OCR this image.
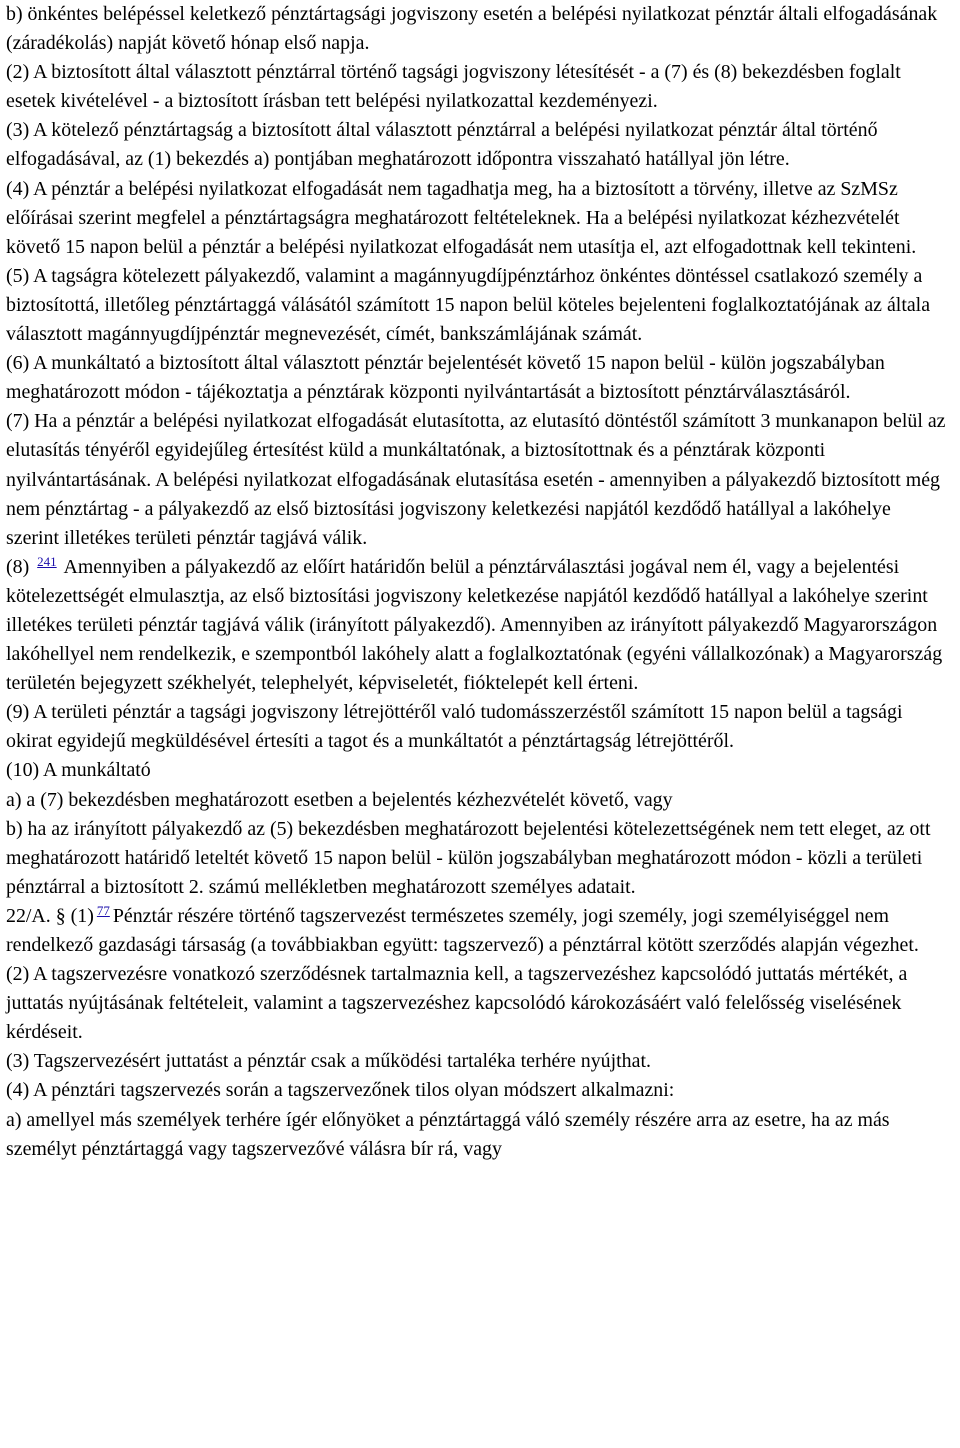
b) önkéntes belépéssel keletkező pénztártagsági jogviszony esetén a belépési nyilatkozat pénztár általi elfogadásának (záradékolás) napját követő hónap első napja.

(2) A biztosított által választott pénztárral történő tagsági jogviszony létesítését - a (7) és (8) bekezdésben foglalt esetek kivételével - a biztosított írásban tett belépési nyilatkozattal kezdeményezi.

(3) A kötelező pénztártagság a biztosított által választott pénztárral a belépési nyilatkozat pénztár által történő elfogadásával, az (1) bekezdés a) pontjában meghatározott időpontra visszaható hatállyal jön létre.

(4) A pénztár a belépési nyilatkozat elfogadását nem tagadhatja meg, ha a biztosított a törvény, illetve az SzMSz előírásai szerint megfelel a pénztártagságra meghatározott feltételeknek. Ha a belépési nyilatkozat kézhezvételét követő 15 napon belül a pénztár a belépési nyilatkozat elfogadását nem utasítja el, azt elfogadottnak kell tekinteni.

(5) A tagságra kötelezett pályakezdő, valamint a magánnyugdíjpénztárhoz önkéntes döntéssel csatlakozó személy a biztosítottá, illetőleg pénztártaggá válásától számított 15 napon belül köteles bejelenteni foglalkoztatójának az általa választott magánnyugdíjpénztár megnevezését, címét, bankszámlájának számát.

(6) A munkáltató a biztosított által választott pénztár bejelentését követő 15 napon belül - külön jogszabályban meghatározott módon - tájékoztatja a pénztárak központi nyilvántartását a biztosított pénztárválasztásáról.

(7) Ha a pénztár a belépési nyilatkozat elfogadását elutasította, az elutasító döntéstől számított 3 munkanapon belül az elutasítás tényéről egyidejűleg értesítést küld a munkáltatónak, a biztosítottnak és a pénztárak központi nyilvántartásának. A belépési nyilatkozat elfogadásának elutasítása esetén - amennyiben a pályakezdő biztosított még nem pénztártag - a pályakezdő az első biztosítási jogviszony keletkezési napjától kezdődő hatállyal a lakóhelye szerint illetékes területi pénztár tagjává válik.

(8) $^{241}$ Amennyiben a pályakezdő az előírt határidőn belül a pénztárválasztási jogával nem él, vagy a bejelentési kötelezettségét elmulasztja, az első biztosítási jogviszony keletkezése napjától kezdődő hatállyal a lakóhelye szerint illetékes területi pénztár tagjává válik (irányított pályakezdő). Amennyiben az irányított pályakezdő Magyarországon lakóhellyel nem rendelkezik, e szempontból lakóhely alatt a foglalkoztatónak (egyéni vállalkozónak) a Magyarország területén bejegyzett székhelyét, telephelyét, képviseletét, fióktelepét kell érteni.

(9) A területi pénztár a tagsági jogviszony létrejöttéről való tudomásszerzéstől számított 15 napon belül a tagsági okirat egyidejű megküldésével értesíti a tagot és a munkáltatót a pénztártagság létrejöttéről.

(10) A munkáltató

a) a (7) bekezdésben meghatározott esetben a bejelentés kézhezvételét követő, vagy

b) ha az irányított pályakezdő az (5) bekezdésben meghatározott bejelentési kötelezettségének nem tett eleget, az ott meghatározott határidő leteltét követő 15 napon belül - külön jogszabályban meghatározott módon - közli a területi pénztárral a biztosított 2. számú mellékletben meghatározott személyes adatait.

22/A. § (1) $^{77}$ Pénztár részére történő tagszervezést természetes személy, jogi személy, jogi személyiséggel nem rendelkező gazdasági társaság (a továbbiakban együtt: tagszervező) a pénztárral kötött szerződés alapján végezhet.

(2) A tagszervezésre vonatkozó szerződésnek tartalmaznia kell, a tagszervezéshez kapcsolódó juttatás mértékét, a juttatás nyújtásának feltételeit, valamint a tagszervezéshez kapcsolódó károkozásáért való felelősség viselésének kérdéseit.

(3) Tagszervezésért juttatást a pénztár csak a működési tartaléka terhére nyújthat.

(4) A pénztári tagszervezés során a tagszervezőnek tilos olyan módszert alkalmazni:

a) amellyel más személyek terhére ígér előnyöket a pénztártaggá váló személy részére arra az esetre, ha az más személyt pénztártaggá vagy tagszervezővé válásra bír rá, vagy
